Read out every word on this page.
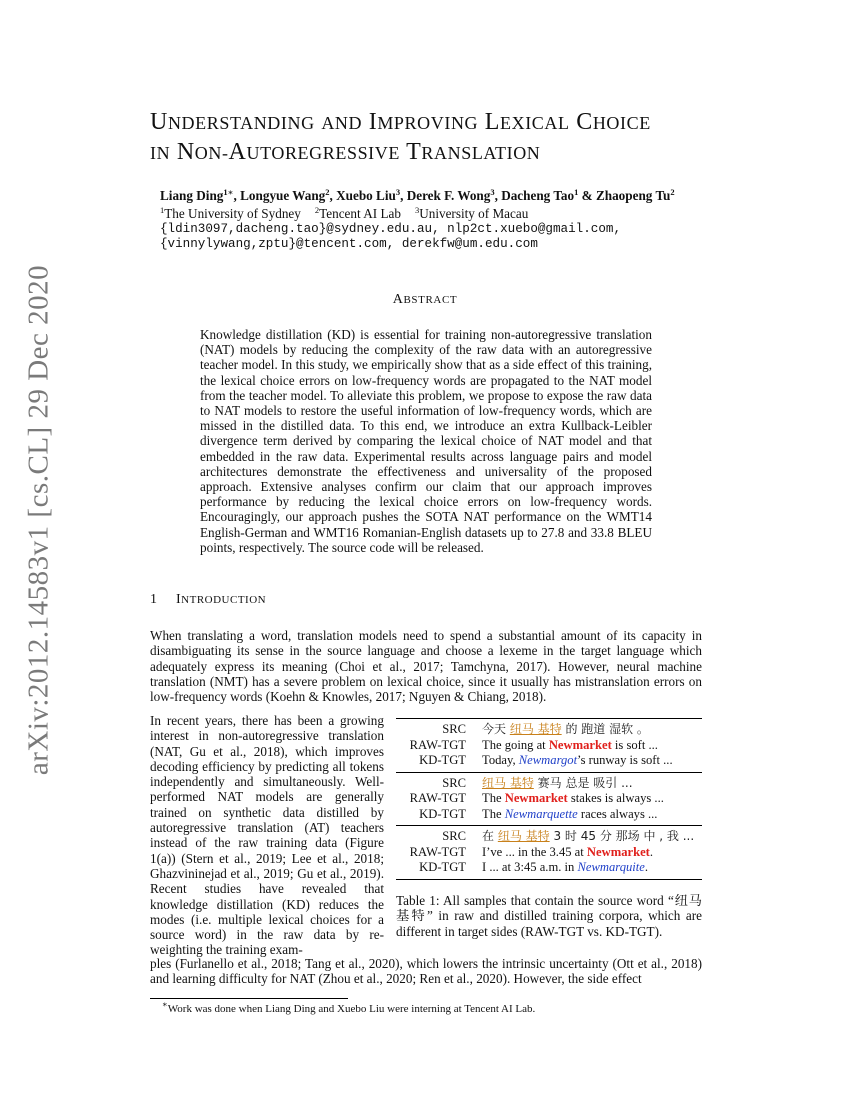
arXiv:2012.14583v1 [cs.CL] 29 Dec 2020
UNDERSTANDING AND IMPROVING LEXICAL CHOICE
IN NON-AUTOREGRESSIVE TRANSLATION
Liang Ding$^{1∗}$, Longyue Wang$^2$, Xuebo Liu$^3$, Derek F. Wong$^3$, Dacheng Tao$^1$ & Zhaopeng Tu$^2$
$^1$The University of Sydney $^2$Tencent AI Lab $^3$University of Macau
{ldin3097,dacheng.tao}@sydney.edu.au, nlp2ct.xuebo@gmail.com,
{vinnylywang,zptu}@tencent.com, derekfw@um.edu.com
ABSTRACT
Knowledge distillation (KD) is essential for training non-autoregressive translation (NAT) models by reducing the complexity of the raw data with an autoregressive teacher model. In this study, we empirically show that as a side effect of this training, the lexical choice errors on low-frequency words are propagated to the NAT model from the teacher model. To alleviate this problem, we propose to expose the raw data to NAT models to restore the useful information of low-frequency words, which are missed in the distilled data. To this end, we introduce an extra Kullback-Leibler divergence term derived by comparing the lexical choice of NAT model and that embedded in the raw data. Experimental results across language pairs and model architectures demonstrate the effectiveness and universality of the proposed approach. Extensive analyses confirm our claim that our approach improves performance by reducing the lexical choice errors on low-frequency words. Encouragingly, our approach pushes the SOTA NAT performance on the WMT14 English-German and WMT16 Romanian-English datasets up to 27.8 and 33.8 BLEU points, respectively. The source code will be released.
1 INTRODUCTION
When translating a word, translation models need to spend a substantial amount of its capacity in disambiguating its sense in the source language and choose a lexeme in the target language which adequately express its meaning (Choi et al., 2017; Tamchyna, 2017). However, neural machine translation (NMT) has a severe problem on lexical choice, since it usually has mistranslation errors on low-frequency words (Koehn & Knowles, 2017; Nguyen & Chiang, 2018).
In recent years, there has been a growing interest in non-autoregressive translation (NAT, Gu et al., 2018), which improves decoding efficiency by predicting all tokens independently and simultaneously. Well-performed NAT models are generally trained on synthetic data distilled by autoregressive translation (AT) teachers instead of the raw training data (Figure 1(a)) (Stern et al., 2019; Lee et al., 2018; Ghazvininejad et al., 2019; Gu et al., 2019). Recent studies have revealed that knowledge distillation (KD) reduces the modes (i.e. multiple lexical choices for a source word) in the raw data by re-weighting the training exam-
ples (Furlanello et al., 2018; Tang et al., 2020), which lowers the intrinsic uncertainty (Ott et al., 2018) and learning difficulty for NAT (Zhou et al., 2020; Ren et al., 2020). However, the side effect
SRC	今天 纽马 基特 的 跑道 湿软 。
RAW-TGT	The going at Newmarket is soft ...
KD-TGT	Today, Newmargot’s runway is soft ...
SRC	纽马 基特 赛马 总是 吸引 ...
RAW-TGT	The Newmarket stakes is always ...
KD-TGT	The Newmarquette races always ...
SRC	在 纽马 基特 3 时 45 分 那场 中 , 我 ...
RAW-TGT	I’ve ... in the 3.45 at Newmarket.
KD-TGT	I ... at 3:45 a.m. in Newmarquite.
Table 1: All samples that contain the source word “纽马 基特” in raw and distilled training corpora, which are different in target sides (RAW-TGT vs. KD-TGT).
∗Work was done when Liang Ding and Xuebo Liu were interning at Tencent AI Lab.
